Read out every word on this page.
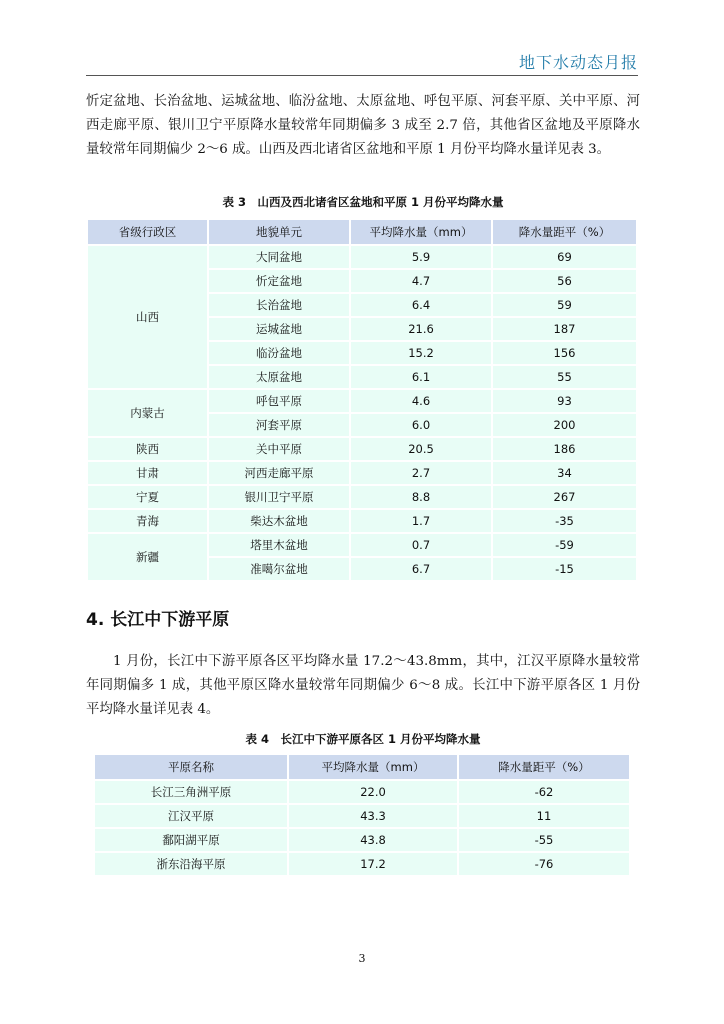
地下水动态月报
忻定盆地、长治盆地、运城盆地、临汾盆地、太原盆地、呼包平原、河套平原、关中平原、河西走廊平原、银川卫宁平原降水量较常年同期偏多 3 成至 2.7 倍，其他省区盆地及平原降水量较常年同期偏少 2～6 成。山西及西北诸省区盆地和平原 1 月份平均降水量详见表 3。
表 3　山西及西北诸省区盆地和平原 1 月份平均降水量
省级行政区	地貌单元	平均降水量（mm）	降水量距平（%）
山西	大同盆地	5.9	69
	忻定盆地	4.7	56
	长治盆地	6.4	59
	运城盆地	21.6	187
	临汾盆地	15.2	156
	太原盆地	6.1	55
内蒙古	呼包平原	4.6	93
	河套平原	6.0	200
陕西	关中平原	20.5	186
甘肃	河西走廊平原	2.7	34
宁夏	银川卫宁平原	8.8	267
青海	柴达木盆地	1.7	-35
新疆	塔里木盆地	0.7	-59
	准噶尔盆地	6.7	-15
4. 长江中下游平原
1 月份，长江中下游平原各区平均降水量 17.2～43.8mm，其中，江汉平原降水量较常年同期偏多 1 成，其他平原区降水量较常年同期偏少 6～8 成。长江中下游平原各区 1 月份平均降水量详见表 4。
表 4　长江中下游平原各区 1 月份平均降水量
平原名称	平均降水量（mm）	降水量距平（%）
长江三角洲平原	22.0	-62
江汉平原	43.3	11
鄱阳湖平原	43.8	-55
浙东沿海平原	17.2	-76
3
